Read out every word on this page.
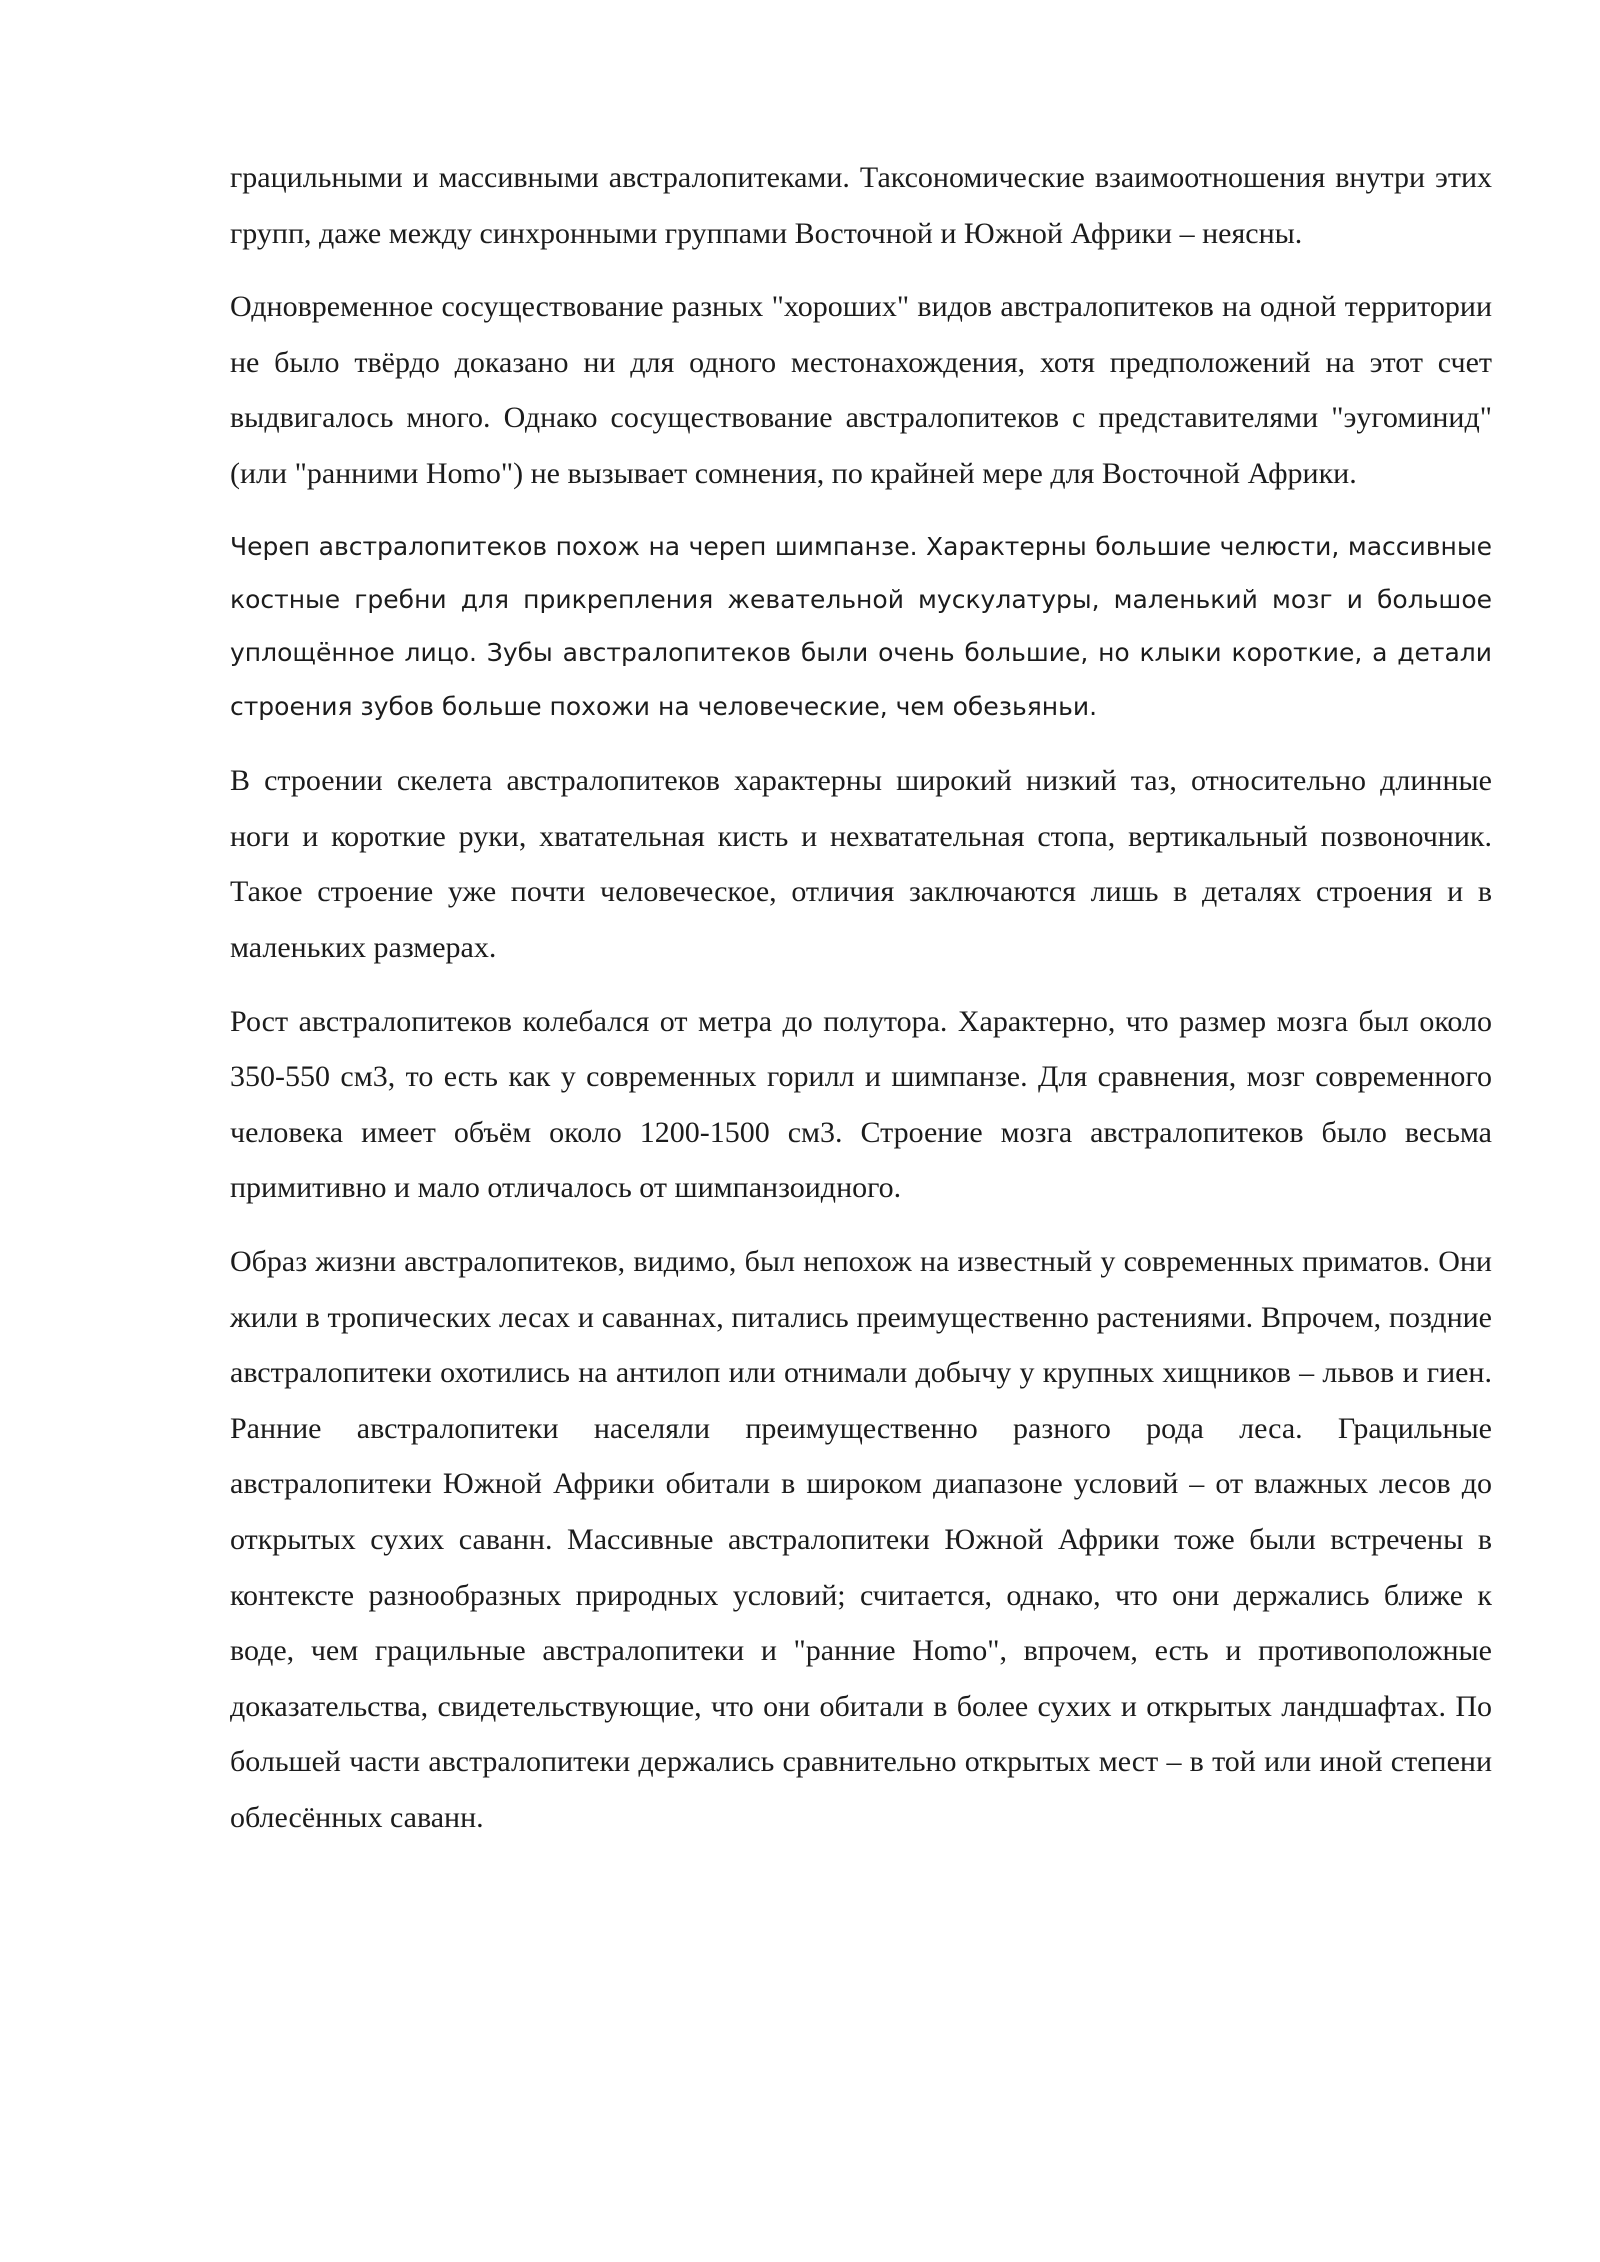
грацильными и массивными австралопитеками. Таксономические взаимоотношения внутри этих групп, даже между синхронными группами Восточной и Южной Африки – неясны.

Одновременное сосуществование разных "хороших" видов австралопитеков на одной территории не было твёрдо доказано ни для одного местонахождения, хотя предположений на этот счет выдвигалось много. Однако сосуществование австралопитеков с представителями "эугоминид" (или "ранними Homo") не вызывает сомнения, по крайней мере для Восточной Африки.

Череп австралопитеков похож на череп шимпанзе. Характерны большие челюсти, массивные костные гребни для прикрепления жевательной мускулатуры, маленький мозг и большое уплощённое лицо. Зубы австралопитеков были очень большие, но клыки короткие, а детали строения зубов больше похожи на человеческие, чем обезьяньи.

В строении скелета австралопитеков характерны широкий низкий таз, относительно длинные ноги и короткие руки, хватательная кисть и нехватательная стопа, вертикальный позвоночник. Такое строение уже почти человеческое, отличия заключаются лишь в деталях строения и в маленьких размерах.

Рост австралопитеков колебался от метра до полутора. Характерно, что размер мозга был около 350-550 см3, то есть как у современных горилл и шимпанзе. Для сравнения, мозг современного человека имеет объём около 1200-1500 см3. Строение мозга австралопитеков было весьма примитивно и мало отличалось от шимпанзоидного.

Образ жизни австралопитеков, видимо, был непохож на известный у современных приматов. Они жили в тропических лесах и саваннах, питались преимущественно растениями. Впрочем, поздние австралопитеки охотились на антилоп или отнимали добычу у крупных хищников – львов и гиен. Ранние австралопитеки населяли преимущественно разного рода леса. Грацильные австралопитеки Южной Африки обитали в широком диапазоне условий – от влажных лесов до открытых сухих саванн. Массивные австралопитеки Южной Африки тоже были встречены в контексте разнообразных природных условий; считается, однако, что они держались ближе к воде, чем грацильные австралопитеки и "ранние Homo", впрочем, есть и противоположные доказательства, свидетельствующие, что они обитали в более сухих и открытых ландшафтах. По большей части австралопитеки держались сравнительно открытых мест – в той или иной степени облесённых саванн.
